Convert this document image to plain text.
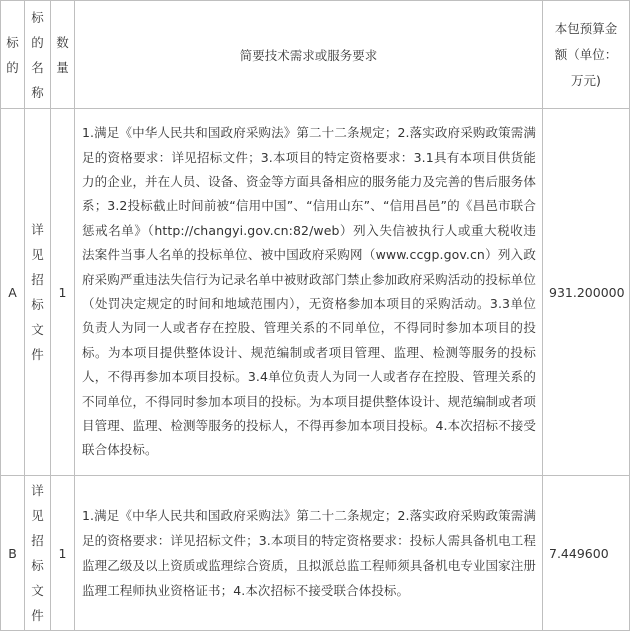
标的	标的名称	数量	简要技术需求或服务要求	本包预算金额（单位：万元)
A	详见招标文件	1	1.满足《中华人民共和国政府采购法》第二十二条规定；2.落实政府采购政策需满足的资格要求：详见招标文件；3.本项目的特定资格要求：3.1具有本项目供货能力的企业，并在人员、设备、资金等方面具备相应的服务能力及完善的售后服务体系；3.2投标截止时间前被“信用中国”、“信用山东”、“信用昌邑”的《昌邑市联合惩戒名单》（http://changyi.gov.cn:82/web）列入失信被执行人或重大税收违法案件当事人名单的投标单位、被中国政府采购网（www.ccgp.gov.cn）列入政府采购严重违法失信行为记录名单中被财政部门禁止参加政府采购活动的投标单位（处罚决定规定的时间和地域范围内），无资格参加本项目的采购活动。3.3单位负责人为同一人或者存在控股、管理关系的不同单位，不得同时参加本项目的投标。为本项目提供整体设计、规范编制或者项目管理、监理、检测等服务的投标人，不得再参加本项目投标。3.4单位负责人为同一人或者存在控股、管理关系的不同单位，不得同时参加本项目的投标。为本项目提供整体设计、规范编制或者项目管理、监理、检测等服务的投标人，不得再参加本项目投标。4.本次招标不接受联合体投标。	931.200000
B	详见招标文件	1	1.满足《中华人民共和国政府采购法》第二十二条规定；2.落实政府采购政策需满足的资格要求：详见招标文件；3.本项目的特定资格要求：投标人需具备机电工程监理乙级及以上资质或监理综合资质，且拟派总监工程师须具备机电专业国家注册监理工程师执业资格证书；4.本次招标不接受联合体投标。	7.449600
